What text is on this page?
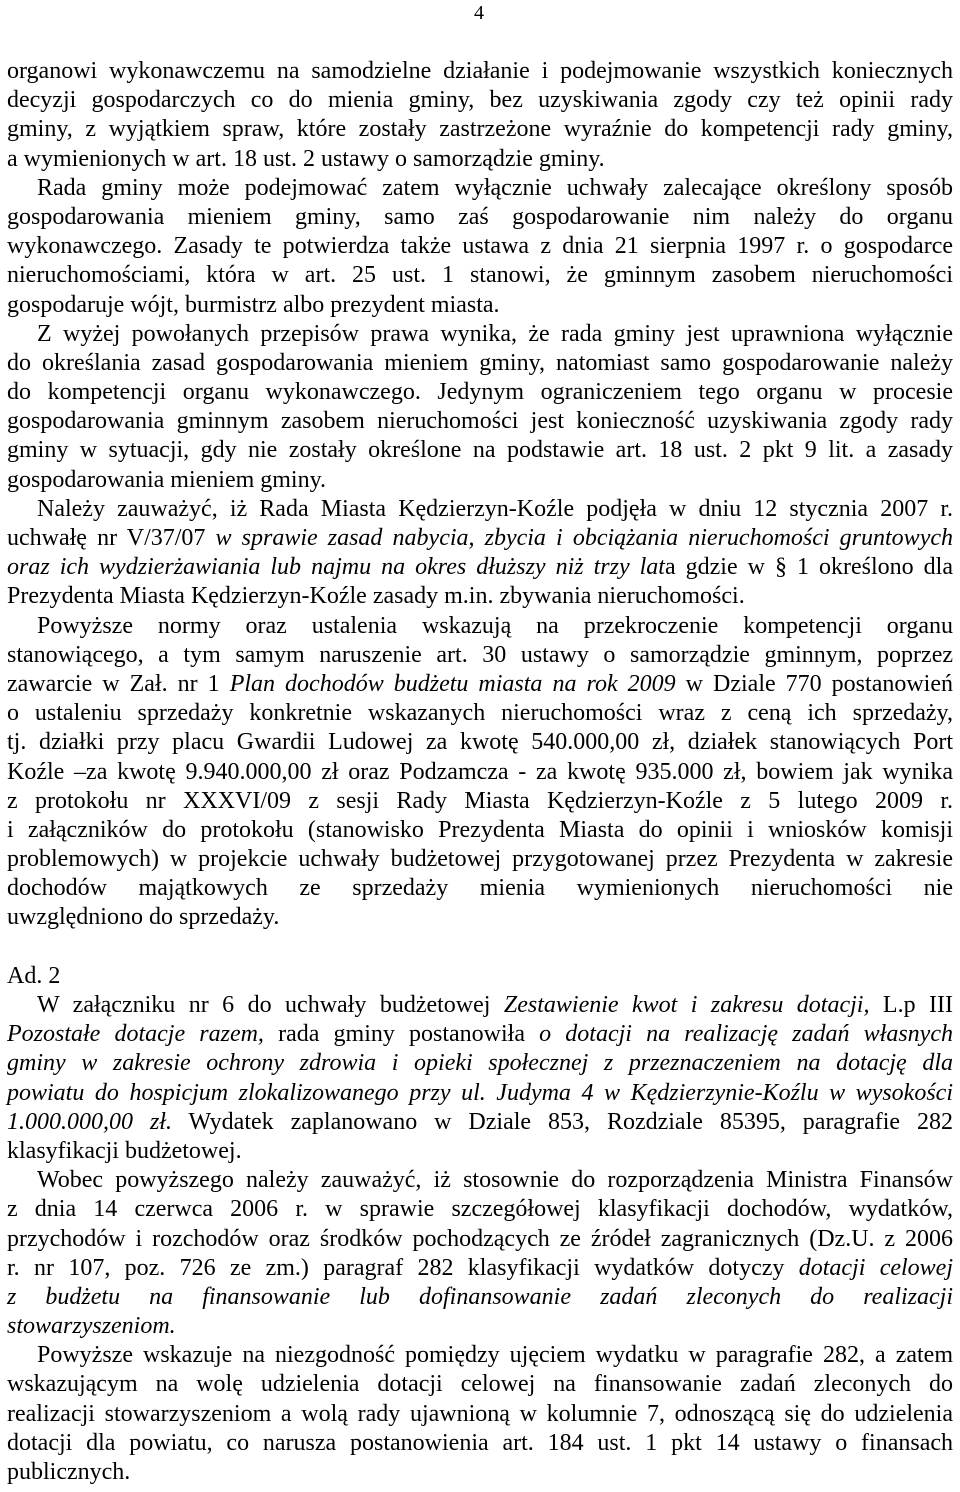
4
organowi wykonawczemu na samodzielne działanie i podejmowanie wszystkich koniecznych
decyzji gospodarczych co do mienia gminy, bez uzyskiwania zgody czy też opinii rady
gminy, z wyjątkiem spraw, które zostały zastrzeżone wyraźnie do kompetencji rady gminy,
a wymienionych w art. 18 ust. 2 ustawy o samorządzie gminy.
Rada gminy może podejmować zatem wyłącznie uchwały zalecające określony sposób
gospodarowania mieniem gminy, samo zaś gospodarowanie nim należy do organu
wykonawczego. Zasady te potwierdza także ustawa z dnia 21 sierpnia 1997 r. o gospodarce
nieruchomościami, która w art. 25 ust. 1 stanowi, że gminnym zasobem nieruchomości
gospodaruje wójt, burmistrz albo prezydent miasta.
Z wyżej powołanych przepisów prawa wynika, że rada gminy jest uprawniona wyłącznie
do określania zasad gospodarowania mieniem gminy, natomiast samo gospodarowanie należy
do kompetencji organu wykonawczego. Jedynym ograniczeniem tego organu w procesie
gospodarowania gminnym zasobem nieruchomości jest konieczność uzyskiwania zgody rady
gminy w sytuacji, gdy nie zostały określone na podstawie art. 18 ust. 2 pkt 9 lit. a zasady
gospodarowania mieniem gminy.
Należy zauważyć, iż Rada Miasta Kędzierzyn-Koźle podjęła w dniu 12 stycznia 2007 r.
uchwałę nr V/37/07 w sprawie zasad nabycia, zbycia i obciążania nieruchomości gruntowych
oraz ich wydzierżawiania lub najmu na okres dłuższy niż trzy lata gdzie w § 1 określono dla
Prezydenta Miasta Kędzierzyn-Koźle zasady m.in. zbywania nieruchomości.
Powyższe normy oraz ustalenia wskazują na przekroczenie kompetencji organu
stanowiącego, a tym samym naruszenie art. 30 ustawy o samorządzie gminnym, poprzez
zawarcie w Zał. nr 1 Plan dochodów budżetu miasta na rok 2009 w Dziale 770 postanowień
o ustaleniu sprzedaży konkretnie wskazanych nieruchomości wraz z ceną ich sprzedaży,
tj. działki przy placu Gwardii Ludowej za kwotę 540.000,00 zł, działek stanowiących Port
Koźle –za kwotę 9.940.000,00 zł oraz Podzamcza - za kwotę 935.000 zł, bowiem jak wynika
z protokołu nr XXXVI/09 z sesji Rady Miasta Kędzierzyn-Koźle z 5 lutego 2009 r.
i załączników do protokołu (stanowisko Prezydenta Miasta do opinii i wniosków komisji
problemowych) w projekcie uchwały budżetowej przygotowanej przez Prezydenta w zakresie
dochodów majątkowych ze sprzedaży mienia wymienionych nieruchomości nie
uwzględniono do sprzedaży.
Ad. 2
W załączniku nr 6 do uchwały budżetowej Zestawienie kwot i zakresu dotacji, L.p III
Pozostałe dotacje razem, rada gminy postanowiła o dotacji na realizację zadań własnych
gminy w zakresie ochrony zdrowia i opieki społecznej z przeznaczeniem na dotację dla
powiatu do hospicjum zlokalizowanego przy ul. Judyma 4 w Kędzierzynie-Koźlu w wysokości
1.000.000,00 zł. Wydatek zaplanowano w Dziale 853, Rozdziale 85395, paragrafie 282
klasyfikacji budżetowej.
Wobec powyższego należy zauważyć, iż stosownie do rozporządzenia Ministra Finansów
z dnia 14 czerwca 2006 r. w sprawie szczegółowej klasyfikacji dochodów, wydatków,
przychodów i rozchodów oraz środków pochodzących ze źródeł zagranicznych (Dz.U. z 2006
r. nr 107, poz. 726 ze zm.) paragraf 282 klasyfikacji wydatków dotyczy dotacji celowej
z budżetu na finansowanie lub dofinansowanie zadań zleconych do realizacji
stowarzyszeniom.
Powyższe wskazuje na niezgodność pomiędzy ujęciem wydatku w paragrafie 282, a zatem
wskazującym na wolę udzielenia dotacji celowej na finansowanie zadań zleconych do
realizacji stowarzyszeniom a wolą rady ujawnioną w kolumnie 7, odnoszącą się do udzielenia
dotacji dla powiatu, co narusza postanowienia art. 184 ust. 1 pkt 14 ustawy o finansach
publicznych.
